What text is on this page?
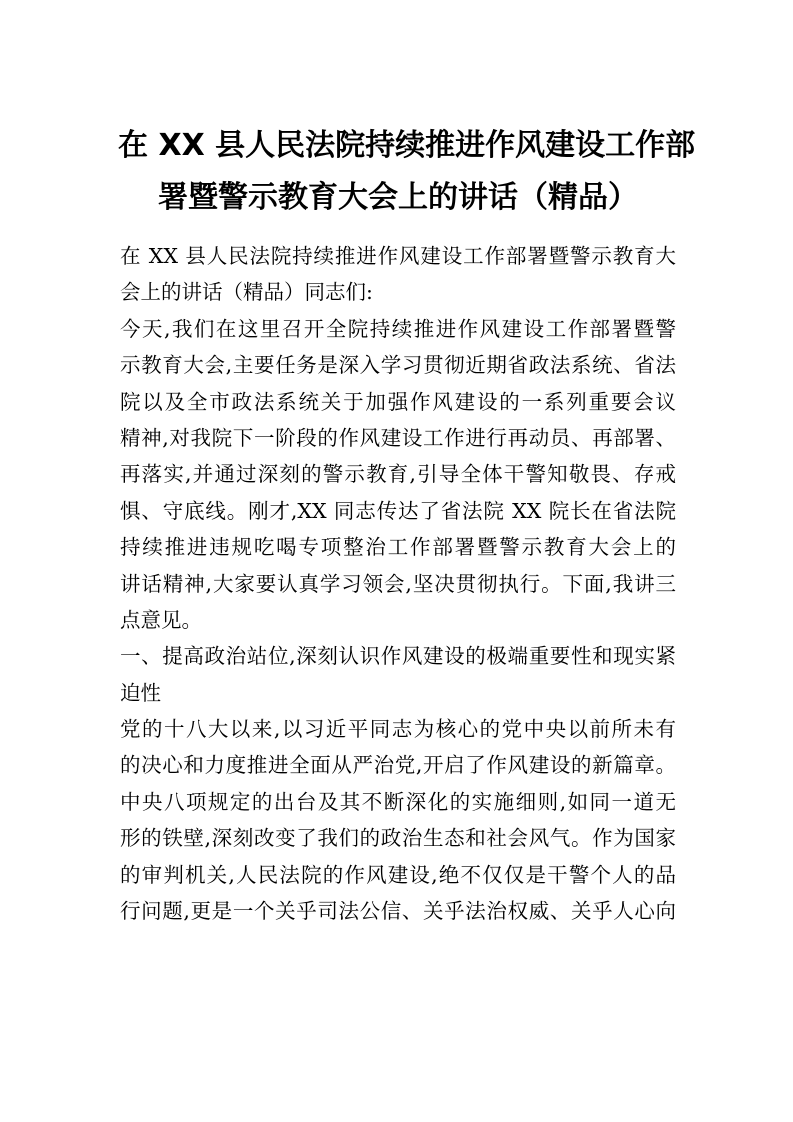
在 XX 县人民法院持续推进作风建设工作部
署暨警示教育大会上的讲话（精品）
在 XX 县人民法院持续推进作风建设工作部署暨警示教育大
会上的讲话（精品）同志们:
今天,我们在这里召开全院持续推进作风建设工作部署暨警
示教育大会,主要任务是深入学习贯彻近期省政法系统、省法
院以及全市政法系统关于加强作风建设的一系列重要会议
精神,对我院下一阶段的作风建设工作进行再动员、再部署、
再落实,并通过深刻的警示教育,引导全体干警知敬畏、存戒
惧、守底线。刚才,XX 同志传达了省法院 XX 院长在省法院
持续推进违规吃喝专项整治工作部署暨警示教育大会上的
讲话精神,大家要认真学习领会,坚决贯彻执行。下面,我讲三
点意见。
一、提高政治站位,深刻认识作风建设的极端重要性和现实紧
迫性
党的十八大以来,以习近平同志为核心的党中央以前所未有
的决心和力度推进全面从严治党,开启了作风建设的新篇章。
中央八项规定的出台及其不断深化的实施细则,如同一道无
形的铁壁,深刻改变了我们的政治生态和社会风气。作为国家
的审判机关,人民法院的作风建设,绝不仅仅是干警个人的品
行问题,更是一个关乎司法公信、关乎法治权威、关乎人心向
